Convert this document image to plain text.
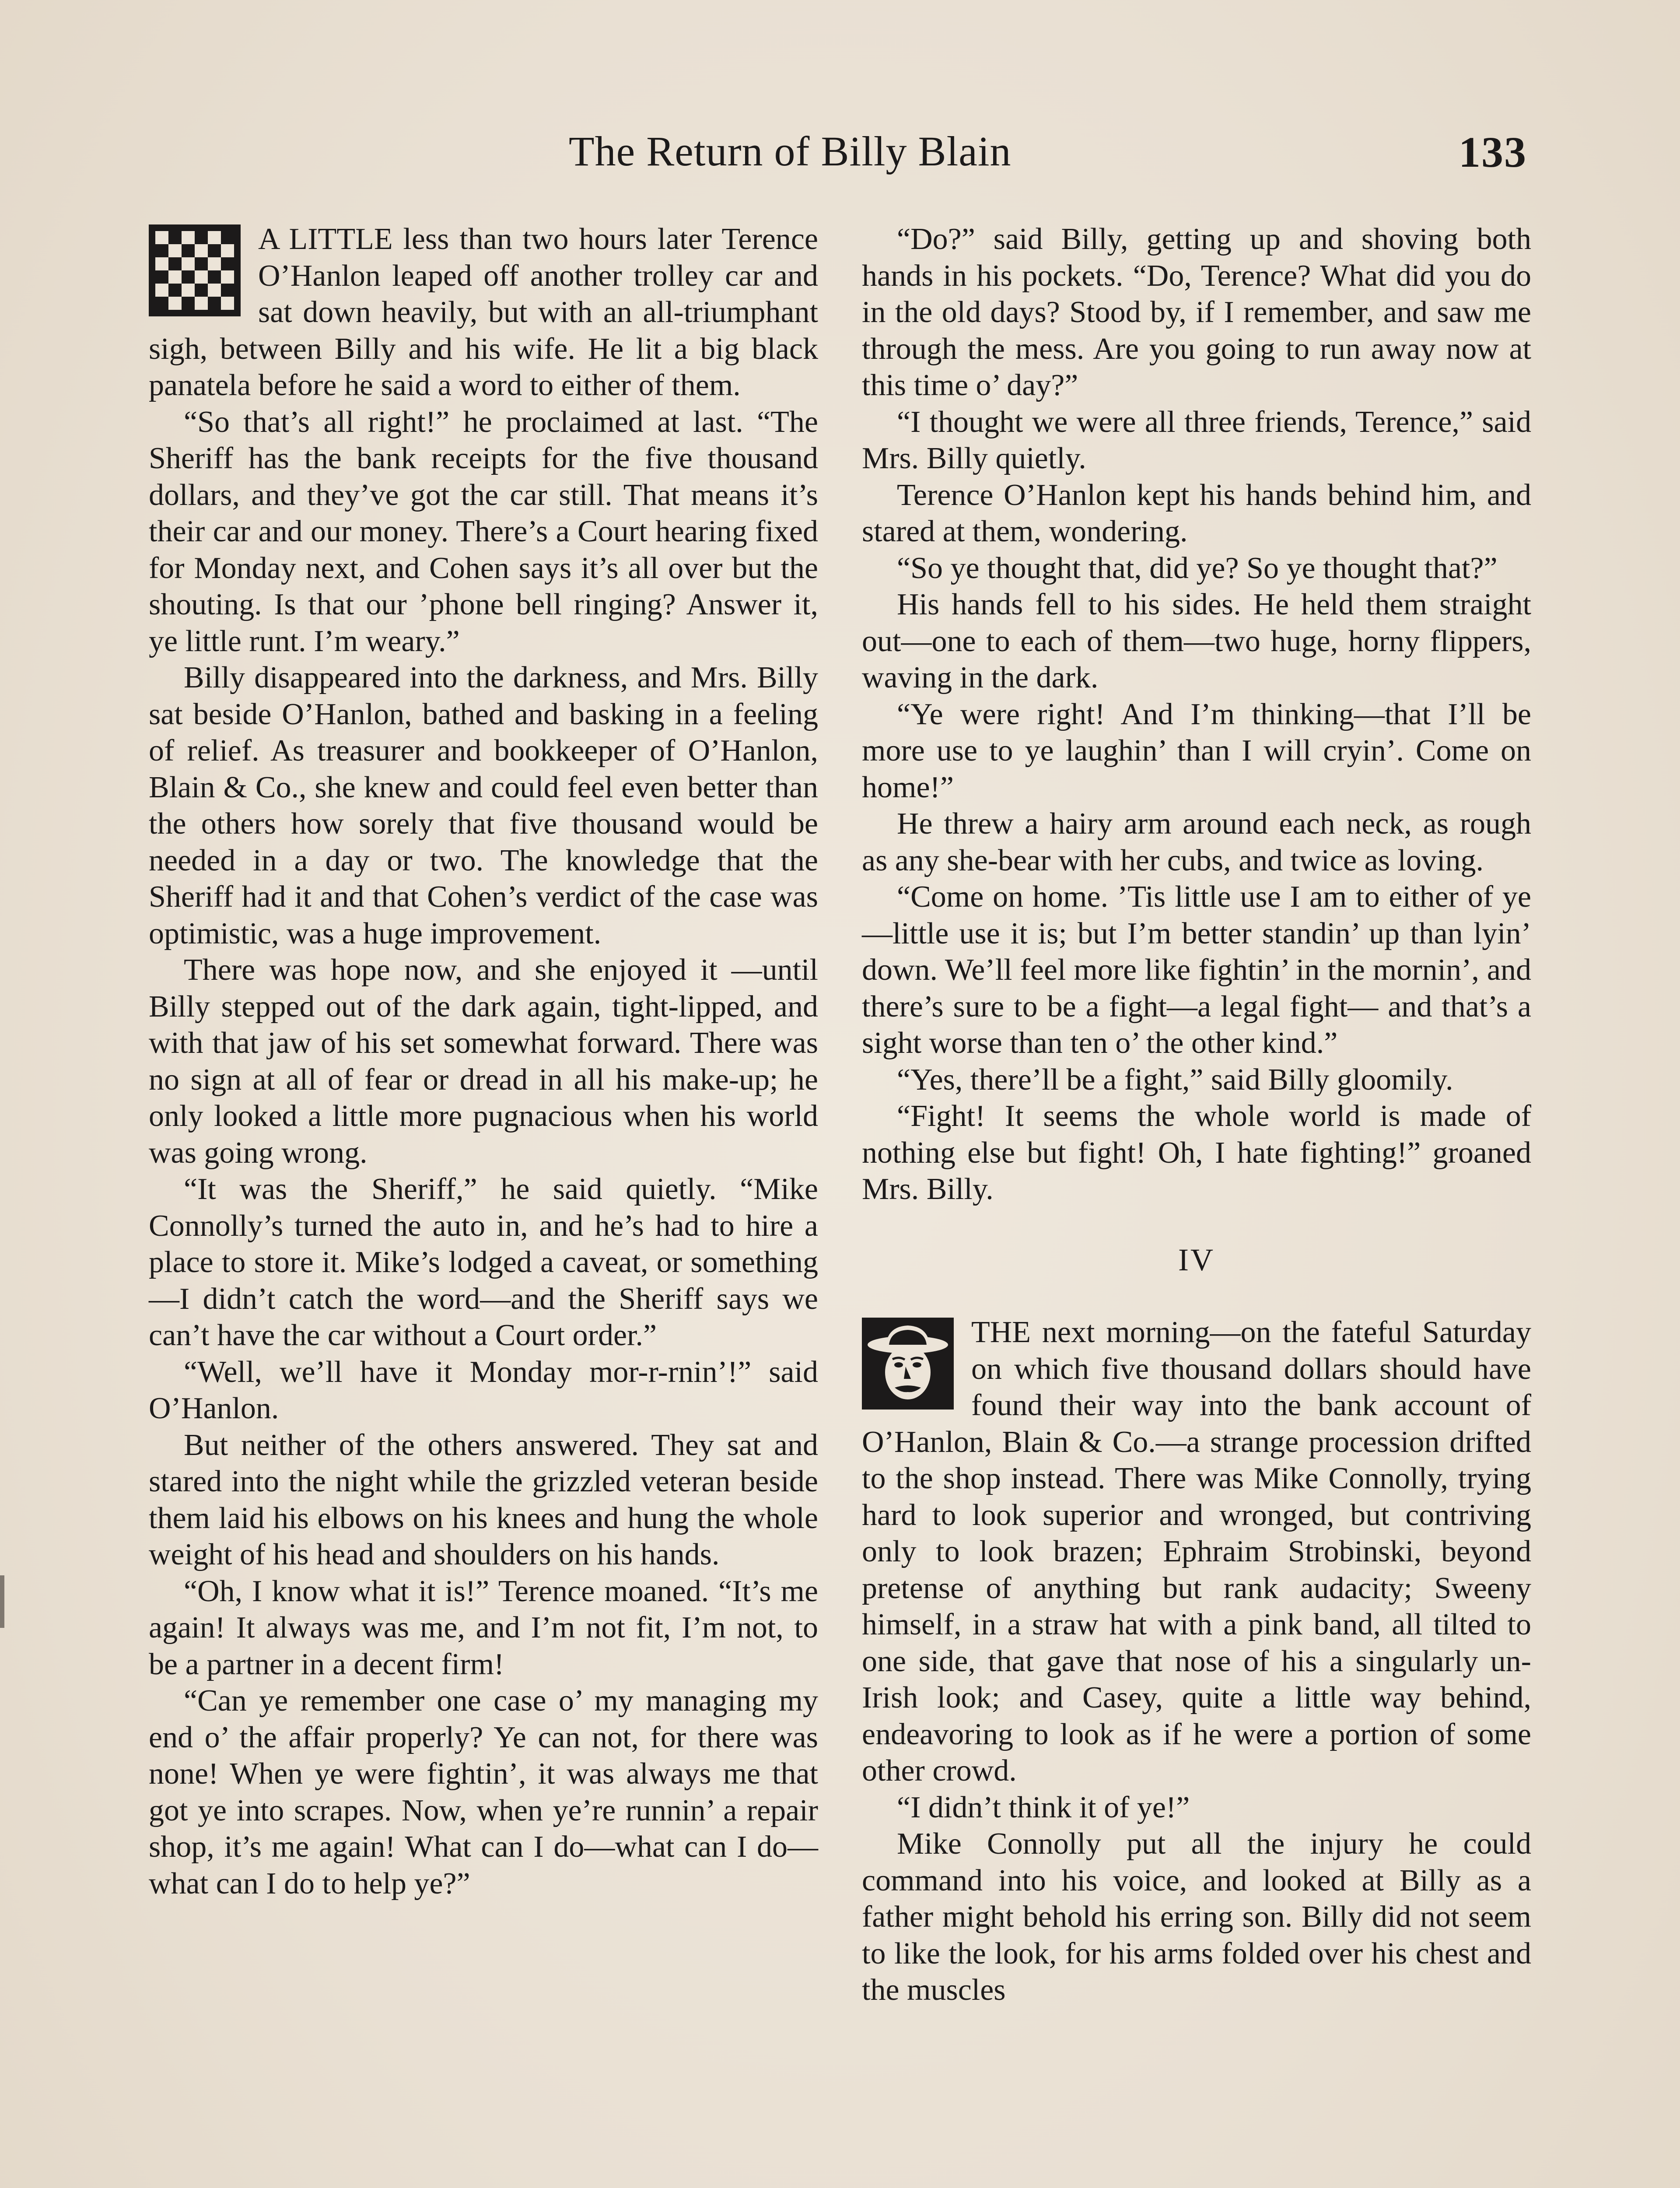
The Return of Billy Blain	133

A LITTLE less than two hours later Terence O’Hanlon leaped off another trolley car and sat down heavily, but with an all-triumphant sigh, between Billy and his wife. He lit a big black panatela before he said a word to either of them.

“So that’s all right!” he proclaimed at last. “The Sheriff has the bank receipts for the five thousand dollars, and they’ve got the car still. That means it’s their car and our money. There’s a Court hearing fixed for Monday next, and Cohen says it’s all over but the shouting. Is that our ’phone bell ringing? Answer it, ye little runt. I’m weary.”

Billy disappeared into the darkness, and Mrs. Billy sat beside O’Hanlon, bathed and basking in a feeling of relief. As treasurer and bookkeeper of O’Hanlon, Blain & Co., she knew and could feel even better than the others how sorely that five thousand would be needed in a day or two. The knowledge that the Sheriff had it and that Cohen’s verdict of the case was optimistic, was a huge improvement.

There was hope now, and she enjoyed it —until Billy stepped out of the dark again, tight-lipped, and with that jaw of his set somewhat forward. There was no sign at all of fear or dread in all his make-up; he only looked a little more pugnacious when his world was going wrong.

“It was the Sheriff,” he said quietly. “Mike Connolly’s turned the auto in, and he’s had to hire a place to store it. Mike’s lodged a caveat, or something—I didn’t catch the word—and the Sheriff says we can’t have the car without a Court order.”

“Well, we’ll have it Monday mor-r-rnin’!” said O’Hanlon.

But neither of the others answered. They sat and stared into the night while the grizzled veteran beside them laid his elbows on his knees and hung the whole weight of his head and shoulders on his hands.

“Oh, I know what it is!” Terence moaned. “It’s me again! It always was me, and I’m not fit, I’m not, to be a partner in a decent firm!

“Can ye remember one case o’ my managing my end o’ the affair properly? Ye can not, for there was none! When ye were fightin’, it was always me that got ye into scrapes. Now, when ye’re runnin’ a repair shop, it’s me again! What can I do—what can I do—what can I do to help ye?”

“Do?” said Billy, getting up and shoving both hands in his pockets. “Do, Terence? What did you do in the old days? Stood by, if I remember, and saw me through the mess. Are you going to run away now at this time o’ day?”

“I thought we were all three friends, Terence,” said Mrs. Billy quietly.

Terence O’Hanlon kept his hands behind him, and stared at them, wondering.

“So ye thought that, did ye? So ye thought that?”

His hands fell to his sides. He held them straight out—one to each of them—two huge, horny flippers, waving in the dark.

“Ye were right! And I’m thinking—that I’ll be more use to ye laughin’ than I will cryin’. Come on home!”

He threw a hairy arm around each neck, as rough as any she-bear with her cubs, and twice as loving.

“Come on home. ’Tis little use I am to either of ye—little use it is; but I’m better standin’ up than lyin’ down. We’ll feel more like fightin’ in the mornin’, and there’s sure to be a fight—a legal fight— and that’s a sight worse than ten o’ the other kind.”

“Yes, there’ll be a fight,” said Billy gloomily.

“Fight! It seems the whole world is made of nothing else but fight! Oh, I hate fighting!” groaned Mrs. Billy.

IV

THE next morning—on the fateful Saturday on which five thousand dollars should have found their way into the bank account of O’Hanlon, Blain & Co.—a strange procession drifted to the shop instead. There was Mike Connolly, trying hard to look superior and wronged, but contriving only to look brazen; Ephraim Strobinski, beyond pretense of anything but rank audacity; Sweeny himself, in a straw hat with a pink band, all tilted to one side, that gave that nose of his a singularly un-Irish look; and Casey, quite a little way behind, endeavoring to look as if he were a portion of some other crowd.

“I didn’t think it of ye!”

Mike Connolly put all the injury he could command into his voice, and looked at Billy as a father might behold his erring son. Billy did not seem to like the look, for his arms folded over his chest and the muscles
